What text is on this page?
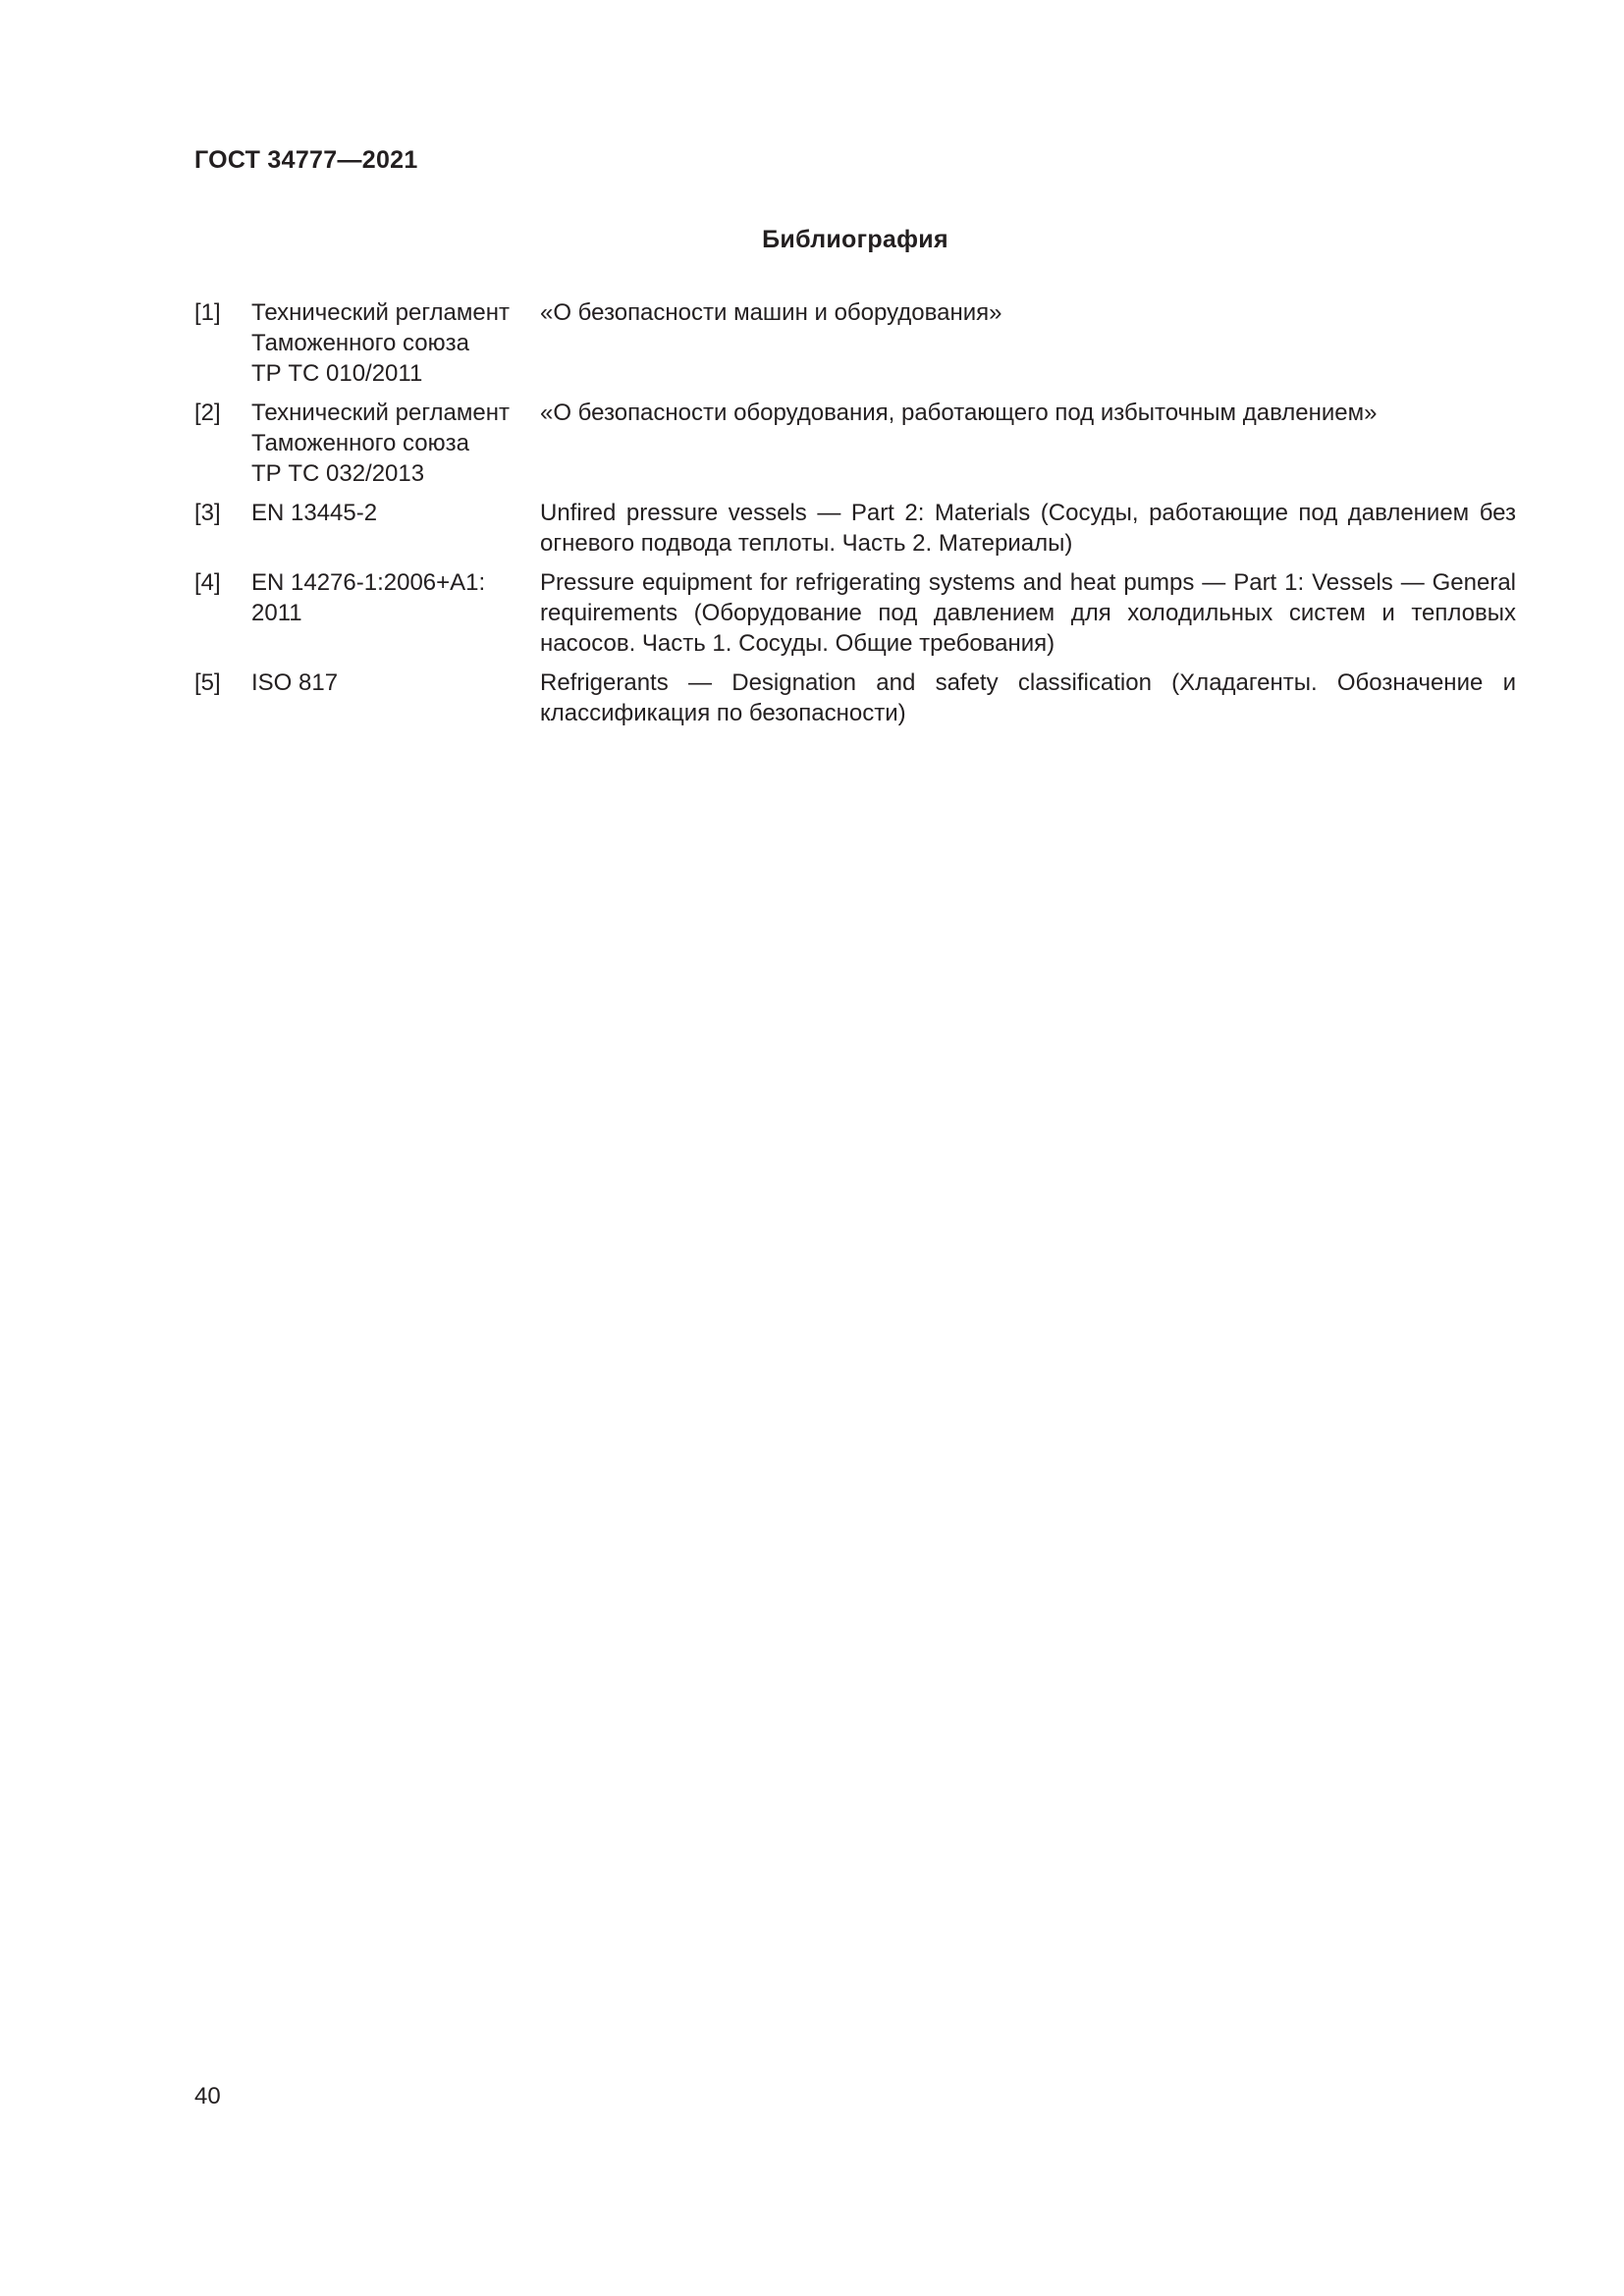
ГОСТ 34777—2021
Библиография
[1]	Технический регламент
Таможенного союза
ТР ТС 010/2011	«О безопасности машин и оборудования»
[2]	Технический регламент
Таможенного союза
ТР ТС 032/2013	«О безопасности оборудования, работающего под избыточным давлением»
[3]	EN 13445-2	Unfired pressure vessels — Part 2: Materials (Сосуды, работающие под давлением без огневого подвода теплоты. Часть 2. Материалы)
[4]	EN 14276-1:2006+A1:
2011	Pressure equipment for refrigerating systems and heat pumps — Part 1: Vessels — General requirements (Оборудование под давлением для холодильных систем и тепловых насосов. Часть 1. Сосуды. Общие требования)
[5]	ISO 817	Refrigerants — Designation and safety classification (Хладагенты. Обозначение и классификация по безопасности)
40
